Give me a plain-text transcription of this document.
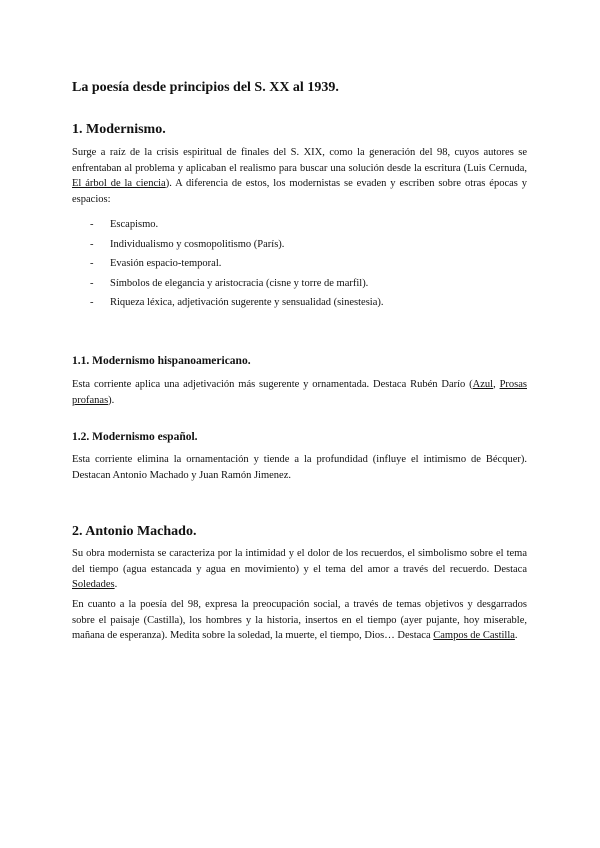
La poesía desde principios del S. XX al 1939.
1. Modernismo.

Surge a raíz de la crisis espiritual de finales del S. XIX, como la generación del 98, cuyos autores se enfrentaban al problema y aplicaban el realismo para buscar una solución desde la escritura (Luis Cernuda, El árbol de la ciencia). A diferencia de estos, los modernistas se evaden y escriben sobre otras épocas y espacios:

- Escapismo.
- Individualismo y cosmopolitismo (París).
- Evasión espacio-temporal.
- Símbolos de elegancia y aristocracia (cisne y torre de marfil).
- Riqueza léxica, adjetivación sugerente y sensualidad (sinestesia).
1.1. Modernismo hispanoamericano.

Esta corriente aplica una adjetivación más sugerente y ornamentada. Destaca Rubén Darío (Azul, Prosas profanas).

1.2. Modernismo español.

Esta corriente elimina la ornamentación y tiende a la profundidad (influye el intimismo de Bécquer). Destacan Antonio Machado y Juan Ramón Jimenez.

2. Antonio Machado.

Su obra modernista se caracteriza por la intimidad y el dolor de los recuerdos, el simbolismo sobre el tema del tiempo (agua estancada y agua en movimiento) y el tema del amor a través del recuerdo. Destaca Soledades.

En cuanto a la poesía del 98, expresa la preocupación social, a través de temas objetivos y desgarrados sobre el paisaje (Castilla), los hombres y la historia, insertos en el tiempo (ayer pujante, hoy miserable, mañana de esperanza). Medita sobre la soledad, la muerte, el tiempo, Dios… Destaca Campos de Castilla.
